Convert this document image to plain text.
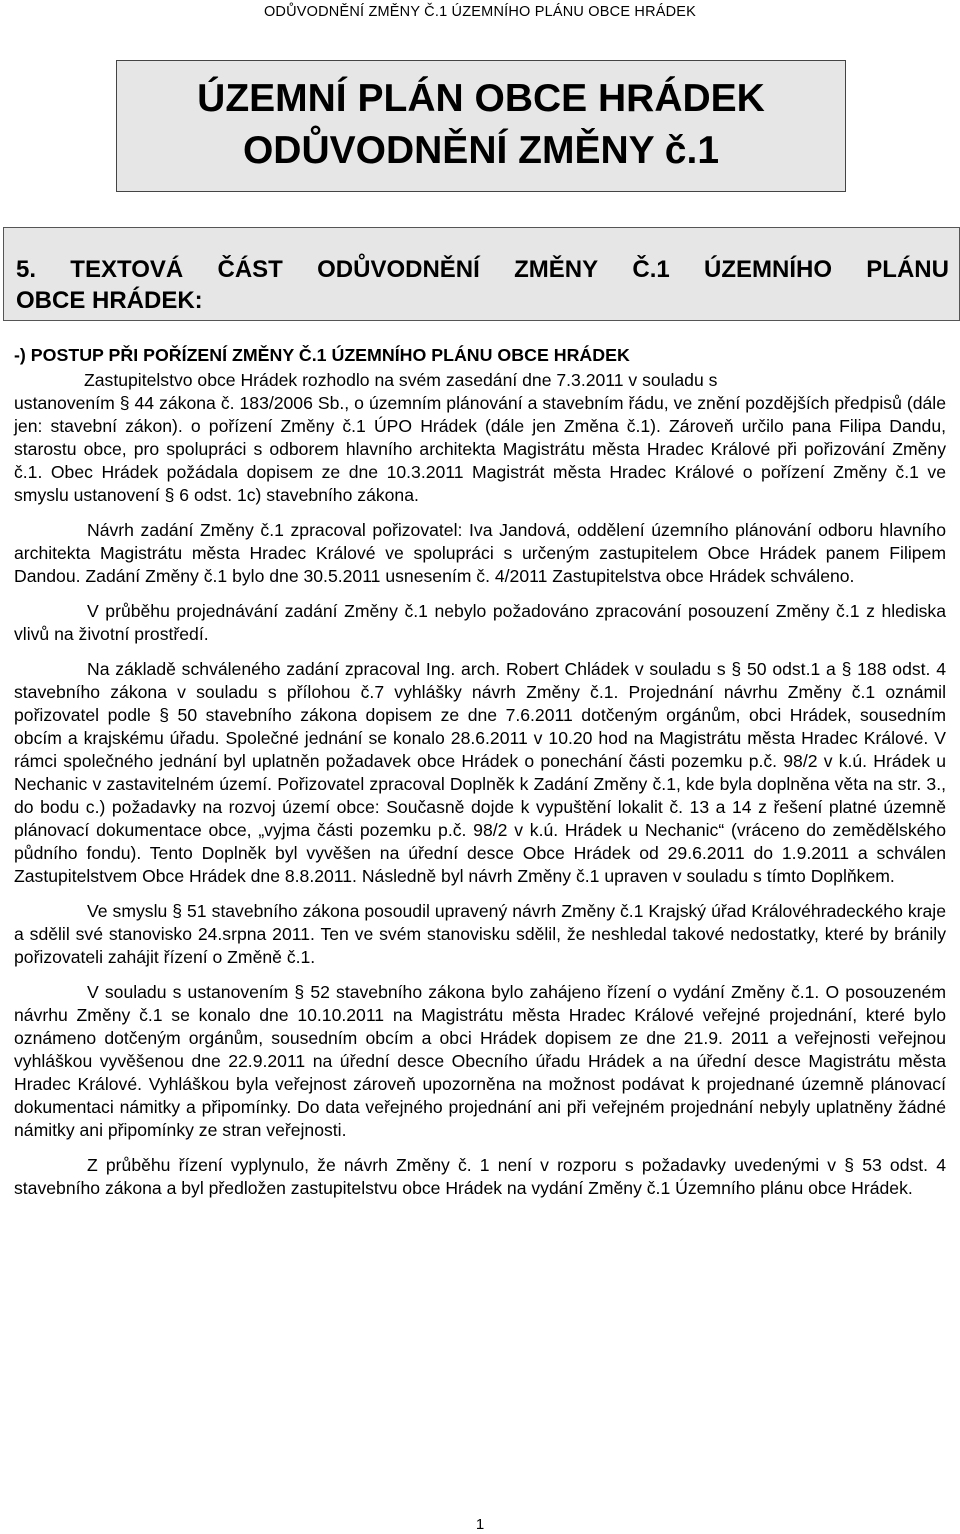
ODŮVODNĚNÍ ZMĚNY Č.1 ÚZEMNÍHO PLÁNU OBCE HRÁDEK
ÚZEMNÍ PLÁN OBCE HRÁDEK
ODŮVODNĚNÍ ZMĚNY č.1
5. TEXTOVÁ ČÁST ODŮVODNĚNÍ ZMĚNY Č.1 ÚZEMNÍHO PLÁNU
OBCE HRÁDEK:

-) POSTUP PŘI POŘÍZENÍ ZMĚNY Č.1 ÚZEMNÍHO PLÁNU OBCE HRÁDEK

Zastupitelstvo obce Hrádek rozhodlo na svém zasedání dne 7.3.2011 v souladu s

ustanovením § 44 zákona č. 183/2006 Sb., o územním plánování a stavebním řádu, ve znění pozdějších předpisů (dále jen: stavební zákon). o pořízení Změny č.1 ÚPO Hrádek (dále jen Změna č.1). Zároveň určilo pana Filipa Dandu, starostu obce, pro spolupráci s odborem hlavního architekta Magistrátu města Hradec Králové při pořizování Změny č.1. Obec Hrádek požádala dopisem ze dne 10.3.2011 Magistrát města Hradec Králové o pořízení Změny č.1 ve smyslu ustanovení § 6 odst. 1c) stavebního zákona.

Návrh zadání Změny č.1 zpracoval pořizovatel: Iva Jandová, oddělení územního plánování odboru hlavního architekta Magistrátu města Hradec Králové ve spolupráci s určeným zastupitelem Obce Hrádek panem Filipem Dandou. Zadání Změny č.1 bylo dne 30.5.2011 usnesením č. 4/2011 Zastupitelstva obce Hrádek schváleno.

V průběhu projednávání zadání Změny č.1 nebylo požadováno zpracování posouzení Změny č.1 z hlediska vlivů na životní prostředí.

Na základě schváleného zadání zpracoval Ing. arch. Robert Chládek v souladu s § 50 odst.1 a § 188 odst. 4 stavebního zákona v souladu s přílohou č.7 vyhlášky návrh Změny č.1. Projednání návrhu Změny č.1 oznámil pořizovatel podle § 50 stavebního zákona dopisem ze dne 7.6.2011 dotčeným orgánům, obci Hrádek, sousedním obcím a krajskému úřadu. Společné jednání se konalo 28.6.2011 v 10.20 hod na Magistrátu města Hradec Králové. V rámci společného jednání byl uplatněn požadavek obce Hrádek o ponechání části pozemku p.č. 98/2 v k.ú. Hrádek u Nechanic v zastavitelném území. Pořizovatel zpracoval Doplněk k Zadání Změny č.1, kde byla doplněna věta na str. 3., do bodu c.) požadavky na rozvoj území obce: Současně dojde k vypuštění lokalit č. 13 a 14 z řešení platné územně plánovací dokumentace obce, „vyjma části pozemku p.č. 98/2 v k.ú. Hrádek u Nechanic“ (vráceno do zemědělského půdního fondu). Tento Doplněk byl vyvěšen na úřední desce Obce Hrádek od 29.6.2011 do 1.9.2011 a schválen Zastupitelstvem Obce Hrádek dne 8.8.2011. Následně byl návrh Změny č.1 upraven v souladu s tímto Doplňkem.

Ve smyslu § 51 stavebního zákona posoudil upravený návrh Změny č.1 Krajský úřad Královéhradeckého kraje a sdělil své stanovisko 24.srpna 2011. Ten ve svém stanovisku sdělil, že neshledal takové nedostatky, které by bránily pořizovateli zahájit řízení o Změně č.1.

V souladu s ustanovením § 52 stavebního zákona bylo zahájeno řízení o vydání Změny č.1. O posouzeném návrhu Změny č.1 se konalo dne 10.10.2011 na Magistrátu města Hradec Králové veřejné projednání, které bylo oznámeno dotčeným orgánům, sousedním obcím a obci Hrádek dopisem ze dne 21.9. 2011 a veřejnosti veřejnou vyhláškou vyvěšenou dne 22.9.2011 na úřední desce Obecního úřadu Hrádek a na úřední desce Magistrátu města Hradec Králové. Vyhláškou byla veřejnost zároveň upozorněna na možnost podávat k projednané územně plánovací dokumentaci námitky a připomínky. Do data veřejného projednání ani při veřejném projednání nebyly uplatněny žádné námitky ani připomínky ze stran veřejnosti.

Z průběhu řízení vyplynulo, že návrh Změny č. 1 není v rozporu s požadavky uvedenými v § 53 odst. 4 stavebního zákona a byl předložen zastupitelstvu obce Hrádek na vydání Změny č.1 Územního plánu obce Hrádek.

1
